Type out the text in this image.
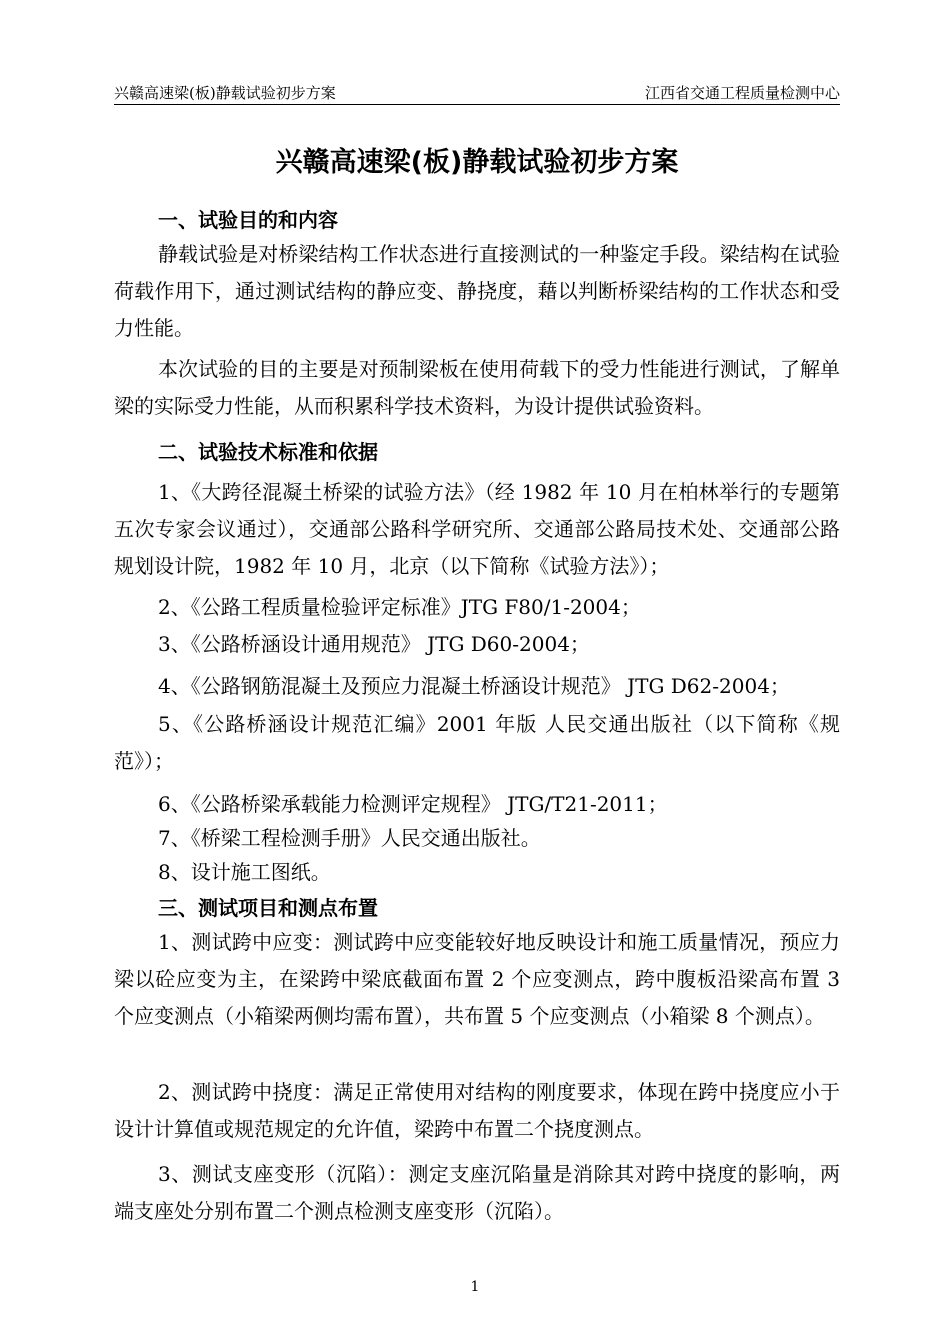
兴赣高速梁(板)静载试验初步方案	江西省交通工程质量检测中心
兴赣高速梁(板)静载试验初步方案
一、试验目的和内容
静载试验是对桥梁结构工作状态进行直接测试的一种鉴定手段。梁结构在试验荷载作用下，通过测试结构的静应变、静挠度，藉以判断桥梁结构的工作状态和受力性能。
本次试验的目的主要是对预制梁板在使用荷载下的受力性能进行测试，了解单梁的实际受力性能，从而积累科学技术资料，为设计提供试验资料。
二、试验技术标准和依据
1、《大跨径混凝土桥梁的试验方法》（经 1982 年 10 月在柏林举行的专题第五次专家会议通过），交通部公路科学研究所、交通部公路局技术处、交通部公路规划设计院，1982 年 10 月，北京（以下简称《试验方法》）；
2、《公路工程质量检验评定标准》JTG F80/1-2004；
3、《公路桥涵设计通用规范》 JTG D60-2004；
4、《公路钢筋混凝土及预应力混凝土桥涵设计规范》 JTG D62-2004；
5、《公路桥涵设计规范汇编》2001 年版 人民交通出版社（以下简称《规范》）；
6、《公路桥梁承载能力检测评定规程》 JTG/T21-2011；
7、《桥梁工程检测手册》人民交通出版社。
8、设计施工图纸。
三、测试项目和测点布置
1、测试跨中应变：测试跨中应变能较好地反映设计和施工质量情况，预应力梁以砼应变为主，在梁跨中梁底截面布置 2 个应变测点，跨中腹板沿梁高布置 3 个应变测点（小箱梁两侧均需布置），共布置 5 个应变测点（小箱梁 8 个测点）。
2、测试跨中挠度：满足正常使用对结构的刚度要求，体现在跨中挠度应小于设计计算值或规范规定的允许值，梁跨中布置二个挠度测点。
3、测试支座变形（沉陷）：测定支座沉陷量是消除其对跨中挠度的影响，两端支座处分别布置二个测点检测支座变形（沉陷）。
1
